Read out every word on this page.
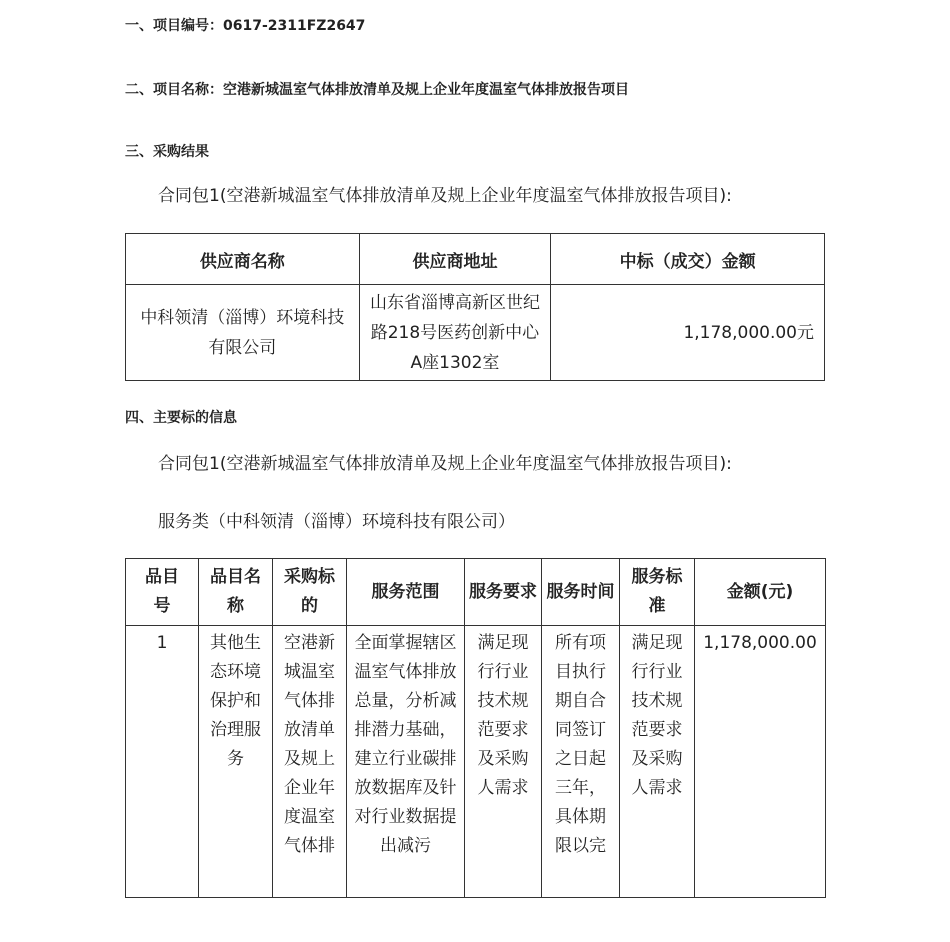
一、项目编号：0617-2311FZ2647
二、项目名称：空港新城温室气体排放清单及规上企业年度温室气体排放报告项目
三、采购结果
合同包1(空港新城温室气体排放清单及规上企业年度温室气体排放报告项目):
供应商名称	供应商地址	中标（成交）金额

中科领清（淄博）环境科技有限公司	山东省淄博高新区世纪路218号医药创新中心A座1302室	1,178,000.00元
四、主要标的信息
合同包1(空港新城温室气体排放清单及规上企业年度温室气体排放报告项目):
服务类（中科领清（淄博）环境科技有限公司）
品目号	品目名称	采购标的	服务范围	服务要求	服务时间	服务标准	金额(元)

1	其他生态环境保护和治理服务	空港新城温室气体排放清单及规上企业年度温室气体排	全面掌握辖区温室气体排放总量，分析减排潜力基础，建立行业碳排放数据库及针对行业数据提出减污	满足现行行业技术规范要求及采购人需求	所有项目执行期自合同签订之日起三年，具体期限以完	满足现行行业技术规范要求及采购人需求	1,178,000.00
